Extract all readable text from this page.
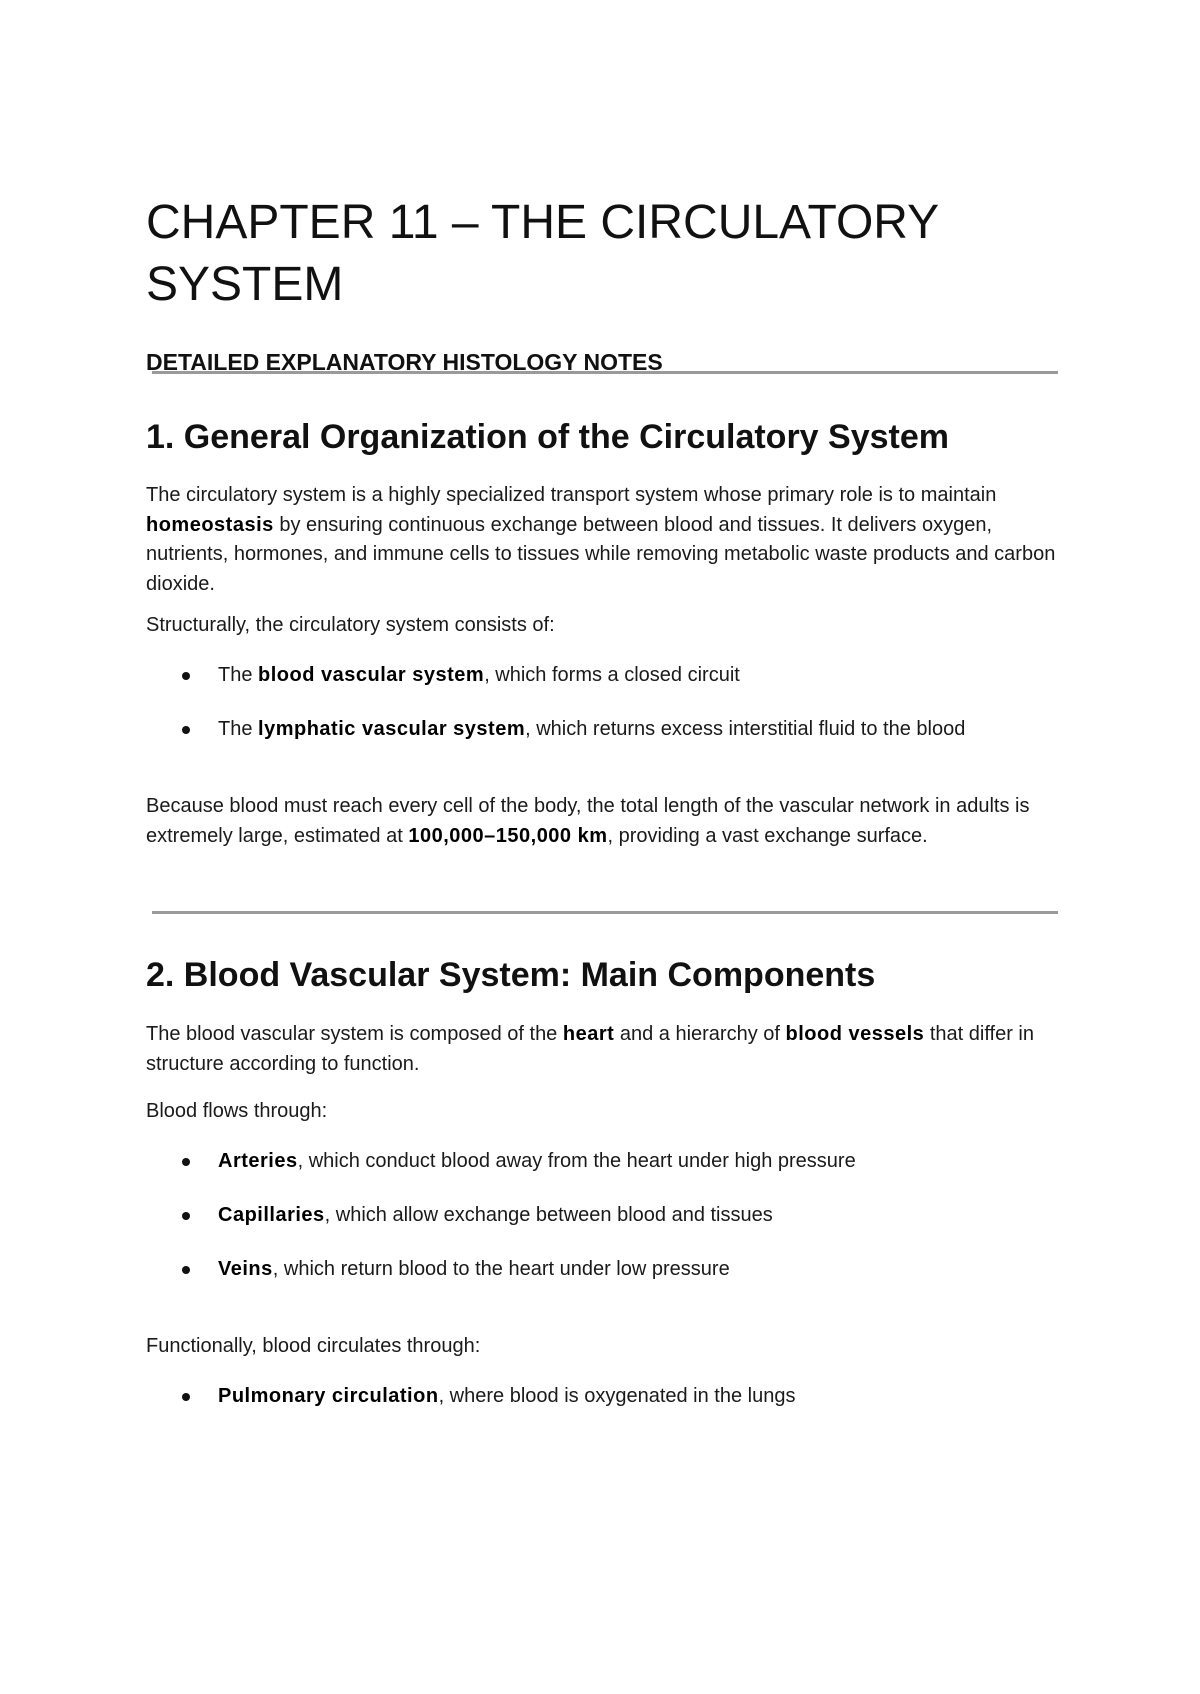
CHAPTER 11 – THE CIRCULATORY SYSTEM
DETAILED EXPLANATORY HISTOLOGY NOTES
1. General Organization of the Circulatory System

The circulatory system is a highly specialized transport system whose primary role is to maintain homeostasis by ensuring continuous exchange between blood and tissues. It delivers oxygen, nutrients, hormones, and immune cells to tissues while removing metabolic waste products and carbon dioxide.

Structurally, the circulatory system consists of:

The blood vascular system, which forms a closed circuit
The lymphatic vascular system, which returns excess interstitial fluid to the blood

Because blood must reach every cell of the body, the total length of the vascular network in adults is extremely large, estimated at 100,000–150,000 km, providing a vast exchange surface.

2. Blood Vascular System: Main Components

The blood vascular system is composed of the heart and a hierarchy of blood vessels that differ in structure according to function.

Blood flows through:

Arteries, which conduct blood away from the heart under high pressure
Capillaries, which allow exchange between blood and tissues
Veins, which return blood to the heart under low pressure

Functionally, blood circulates through:

Pulmonary circulation, where blood is oxygenated in the lungs
